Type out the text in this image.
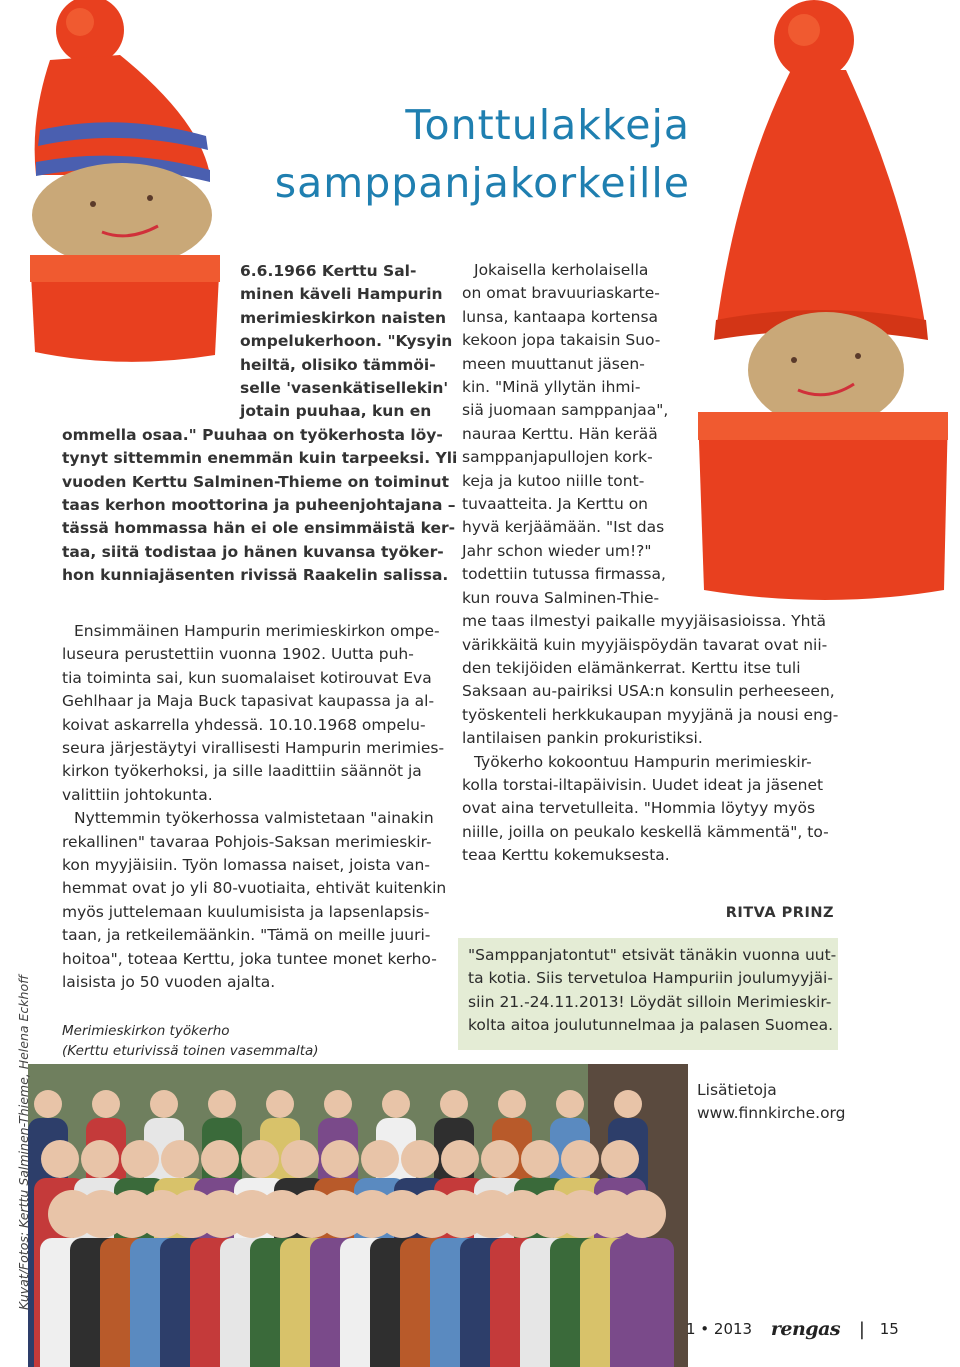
Tonttulakkeja
samppanjakorkeille
6.6.1966 Kerttu Sal-
minen käveli Hampurin
merimieskirkon naisten
ompelukerhoon. "Kysyin
heiltä, olisiko tämmöi-
selle 'vasenkätisellekin'
jotain puuhaa, kun en
ommella osaa." Puuhaa on työkerhosta löy-
tynyt sittemmin enemmän kuin tarpeeksi. Yli
vuoden Kerttu Salminen-Thieme on toiminut
taas kerhon moottorina ja puheenjohtajana –
tässä hommassa hän ei ole ensimmäistä ker-
taa, siitä todistaa jo hänen kuvansa työker-
hon kunniajäsenten rivissä Raakelin salissa.
Ensimmäinen Hampurin merimieskirkon ompe-
luseura perustettiin vuonna 1902. Uutta puh-
tia toiminta sai, kun suomalaiset kotirouvat Eva
Gehlhaar ja Maja Buck tapasivat kaupassa ja al-
koivat askarrella yhdessä. 10.10.1968 ompelu-
seura järjestäytyi virallisesti Hampurin merimies-
kirkon työkerhoksi, ja sille laadittiin säännöt ja
valittiin johtokunta.
Nyttemmin työkerhossa valmistetaan "ainakin
rekallinen" tavaraa Pohjois-Saksan merimieskir-
kon myyjäisiin. Työn lomassa naiset, joista van-
hemmat ovat jo yli 80-vuotiaita, ehtivät kuitenkin
myös juttelemaan kuulumisista ja lapsenlapsis-
taan, ja retkeilemäänkin. "Tämä on meille juuri-
hoitoa", toteaa Kerttu, joka tuntee monet kerho-
laisista jo 50 vuoden ajalta.
Merimieskirkon työkerho
(Kerttu eturivissä toinen vasemmalta)
Jokaisella kerholaisella
on omat bravuuriaskarte-
lunsa, kantaapa kortensa
kekoon jopa takaisin Suo-
meen muuttanut jäsen-
kin. "Minä yllytän ihmi-
siä juomaan samppanjaa",
nauraa Kerttu. Hän kerää
samppanjapullojen kork-
keja ja kutoo niille tont-
tuvaatteita. Ja Kerttu on
hyvä kerjäämään. "Ist das
Jahr schon wieder um!?"
todettiin tutussa firmassa,
kun rouva Salminen-Thie-
me taas ilmestyi paikalle myyjäisasioissa. Yhtä
värikkäitä kuin myyjäispöydän tavarat ovat nii-
den tekijöiden elämänkerrat. Kerttu itse tuli
Saksaan au-pairiksi USA:n konsulin perheeseen,
työskenteli herkkukaupan myyjänä ja nousi eng-
lantilaisen pankin prokuristiksi.
Työkerho kokoontuu Hampurin merimieskir-
kolla torstai-iltapäivisin. Uudet ideat ja jäsenet
ovat aina tervetulleita. "Hommia löytyy myös
niille, joilla on peukalo keskellä kämmentä", to-
teaa Kerttu kokemuksesta.
RITVA PRINZ
"Samppanjatontut" etsivät tänäkin vuonna uut-
ta kotia. Siis tervetuloa Hampuriin joulumyyjäi-
siin 21.-24.11.2013! Löydät silloin Merimieskir-
kolta aitoa joulutunnelmaa ja palasen Suomea.
Lisätietoja
www.finnkirche.org
Kuvat/Fotos: Kerttu Salminen-Thieme, Helena Eckhoff
1 • 2013 rengas | 15
